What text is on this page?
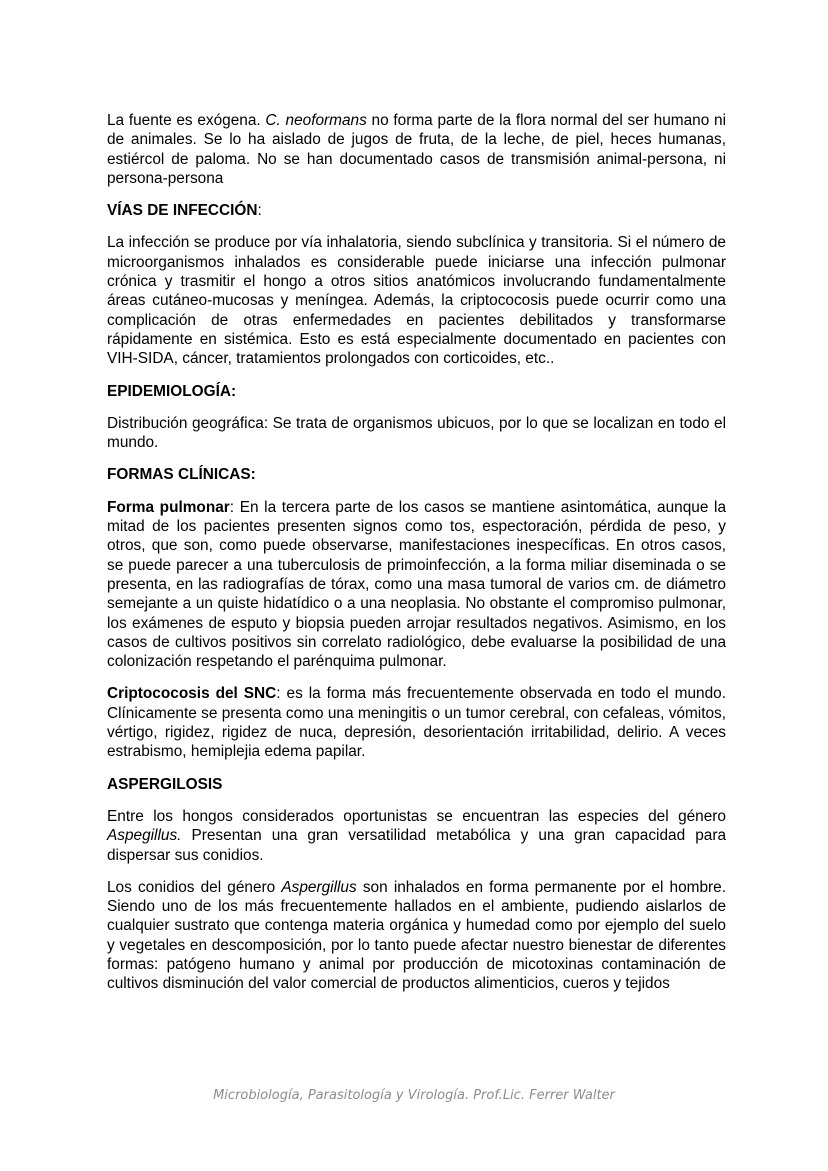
La fuente es exógena. C. neoformans no forma parte de la flora normal del ser humano ni de animales. Se lo ha aislado de jugos de fruta, de la leche, de piel, heces humanas, estiércol de paloma. No se han documentado casos de transmisión animal-persona, ni persona-persona

VÍAS DE INFECCIÓN:

La infección se produce por vía inhalatoria, siendo subclínica y transitoria. Si el número de microorganismos inhalados es considerable puede iniciarse una infección pulmonar crónica y trasmitir el hongo a otros sitios anatómicos involucrando fundamentalmente áreas cutáneo-mucosas y meníngea. Además, la criptococosis puede ocurrir como una complicación de otras enfermedades en pacientes debilitados y transformarse rápidamente en sistémica. Esto es está especialmente documentado en pacientes con VIH-SIDA, cáncer, tratamientos prolongados con corticoides, etc..

EPIDEMIOLOGÍA:

Distribución geográfica: Se trata de organismos ubicuos, por lo que se localizan en todo el mundo.

FORMAS CLÍNICAS:

Forma pulmonar: En la tercera parte de los casos se mantiene asintomática, aunque la mitad de los pacientes presenten signos como tos, espectoración, pérdida de peso, y otros, que son, como puede observarse, manifestaciones inespecíficas. En otros casos, se puede parecer a una tuberculosis de primoinfección, a la forma miliar diseminada o se presenta, en las radiografías de tórax, como una masa tumoral de varios cm. de diámetro semejante a un quiste hidatídico o a una neoplasia. No obstante el compromiso pulmonar, los exámenes de esputo y biopsia pueden arrojar resultados negativos. Asimismo, en los casos de cultivos positivos sin correlato radiológico, debe evaluarse la posibilidad de una colonización respetando el parénquima pulmonar.

Criptococosis del SNC: es la forma más frecuentemente observada en todo el mundo. Clínicamente se presenta como una meningitis o un tumor cerebral, con cefaleas, vómitos, vértigo, rigidez, rigidez de nuca, depresión, desorientación irritabilidad, delirio. A veces estrabismo, hemiplejia edema papilar.

ASPERGILOSIS

Entre los hongos considerados oportunistas se encuentran las especies del género Aspegillus. Presentan una gran versatilidad metabólica y una gran capacidad para dispersar sus conidios.

Los conidios del género Aspergillus son inhalados en forma permanente por el hombre. Siendo uno de los más frecuentemente hallados en el ambiente, pudiendo aislarlos de cualquier sustrato que contenga materia orgánica y humedad como por ejemplo del suelo y vegetales en descomposición, por lo tanto puede afectar nuestro bienestar de diferentes formas: patógeno humano y animal por producción de micotoxinas contaminación de cultivos disminución del valor comercial de productos alimenticios, cueros y tejidos

Microbiología, Parasitología y Virología. Prof.Lic. Ferrer Walter
